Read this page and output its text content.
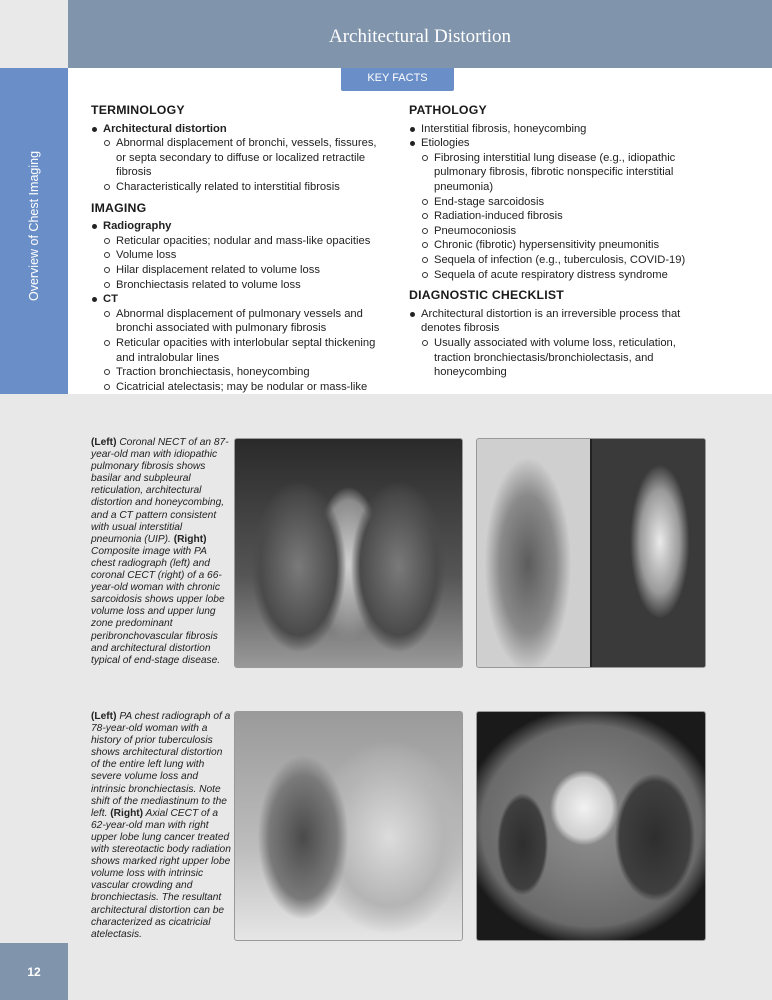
Architectural Distortion
Overview of Chest Imaging
KEY FACTS
TERMINOLOGY
Architectural distortion
Abnormal displacement of bronchi, vessels, fissures, or septa secondary to diffuse or localized retractile fibrosis
Characteristically related to interstitial fibrosis
IMAGING
Radiography
Reticular opacities; nodular and mass-like opacities
Volume loss
Hilar displacement related to volume loss
Bronchiectasis related to volume loss
CT
Abnormal displacement of pulmonary vessels and bronchi associated with pulmonary fibrosis
Reticular opacities with interlobular septal thickening and intralobular lines
Traction bronchiectasis, honeycombing
Cicatricial atelectasis; may be nodular or mass-like
PATHOLOGY
Interstitial fibrosis, honeycombing
Etiologies
Fibrosing interstitial lung disease (e.g., idiopathic pulmonary fibrosis, fibrotic nonspecific interstitial pneumonia)
End-stage sarcoidosis
Radiation-induced fibrosis
Pneumoconiosis
Chronic (fibrotic) hypersensitivity pneumonitis
Sequela of infection (e.g., tuberculosis, COVID-19)
Sequela of acute respiratory distress syndrome
DIAGNOSTIC CHECKLIST
Architectural distortion is an irreversible process that denotes fibrosis
Usually associated with volume loss, reticulation, traction bronchiectasis/bronchiolectasis, and honeycombing
(Left) Coronal NECT of an 87-year-old man with idiopathic pulmonary fibrosis shows basilar and subpleural reticulation, architectural distortion and honeycombing, and a CT pattern consistent with usual interstitial pneumonia (UIP). (Right) Composite image with PA chest radiograph (left) and coronal CECT (right) of a 66-year-old woman with chronic sarcoidosis shows upper lobe volume loss and upper lung zone predominant peribronchovascular fibrosis and architectural distortion typical of end-stage disease.
(Left) PA chest radiograph of a 78-year-old woman with a history of prior tuberculosis shows architectural distortion of the entire left lung with severe volume loss and intrinsic bronchiectasis. Note shift of the mediastinum to the left. (Right) Axial CECT of a 62-year-old man with right upper lobe lung cancer treated with stereotactic body radiation shows marked right upper lobe volume loss with intrinsic vascular crowding and bronchiectasis. The resultant architectural distortion can be characterized as cicatricial atelectasis.
12
